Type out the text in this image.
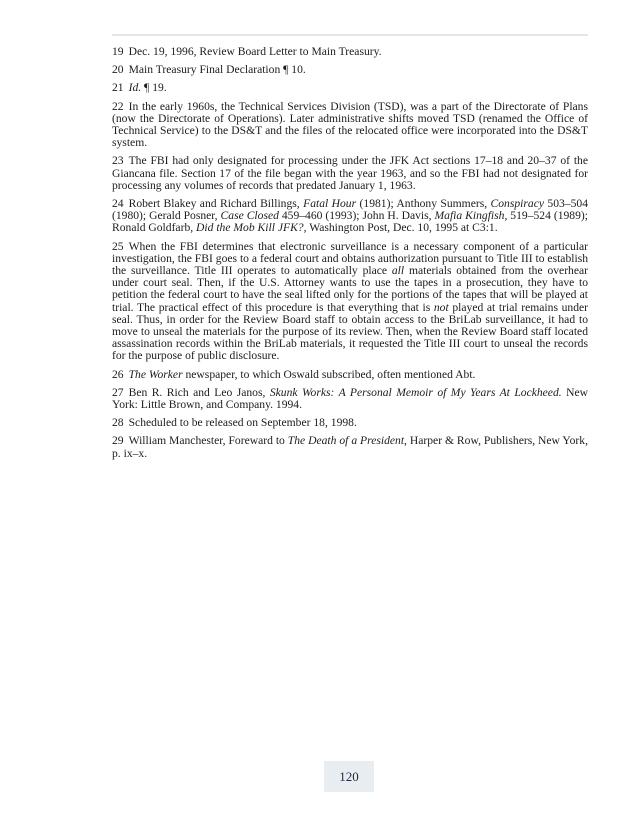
19 Dec. 19, 1996, Review Board Letter to Main Treasury.

20 Main Treasury Final Declaration ¶ 10.

21 Id. ¶ 19.

22 In the early 1960s, the Technical Services Division (TSD), was a part of the Directorate of Plans (now the Directorate of Operations). Later administrative shifts moved TSD (renamed the Office of Technical Service) to the DS&T and the files of the relocated office were incorporated into the DS&T system.

23 The FBI had only designated for processing under the JFK Act sections 17–18 and 20–37 of the Giancana file. Section 17 of the file began with the year 1963, and so the FBI had not designated for processing any volumes of records that predated January 1, 1963.

24 Robert Blakey and Richard Billings, Fatal Hour (1981); Anthony Summers, Conspiracy 503–504 (1980); Gerald Posner, Case Closed 459–460 (1993); John H. Davis, Mafia Kingfish, 519–524 (1989); Ronald Goldfarb, Did the Mob Kill JFK?, Washington Post, Dec. 10, 1995 at C3:1.

25 When the FBI determines that electronic surveillance is a necessary component of a particular investigation, the FBI goes to a federal court and obtains authorization pursuant to Title III to establish the surveillance. Title III operates to automatically place all materials obtained from the overhear under court seal. Then, if the U.S. Attorney wants to use the tapes in a prosecution, they have to petition the federal court to have the seal lifted only for the portions of the tapes that will be played at trial. The practical effect of this procedure is that everything that is not played at trial remains under seal. Thus, in order for the Review Board staff to obtain access to the BriLab surveillance, it had to move to unseal the materials for the purpose of its review. Then, when the Review Board staff located assassination records within the BriLab materials, it requested the Title III court to unseal the records for the purpose of public disclosure.

26 The Worker newspaper, to which Oswald subscribed, often mentioned Abt.

27 Ben R. Rich and Leo Janos, Skunk Works: A Personal Memoir of My Years At Lockheed. New York: Little Brown, and Company. 1994.

28 Scheduled to be released on September 18, 1998.

29 William Manchester, Foreward to The Death of a President, Harper & Row, Publishers, New York, p. ix–x.

120
